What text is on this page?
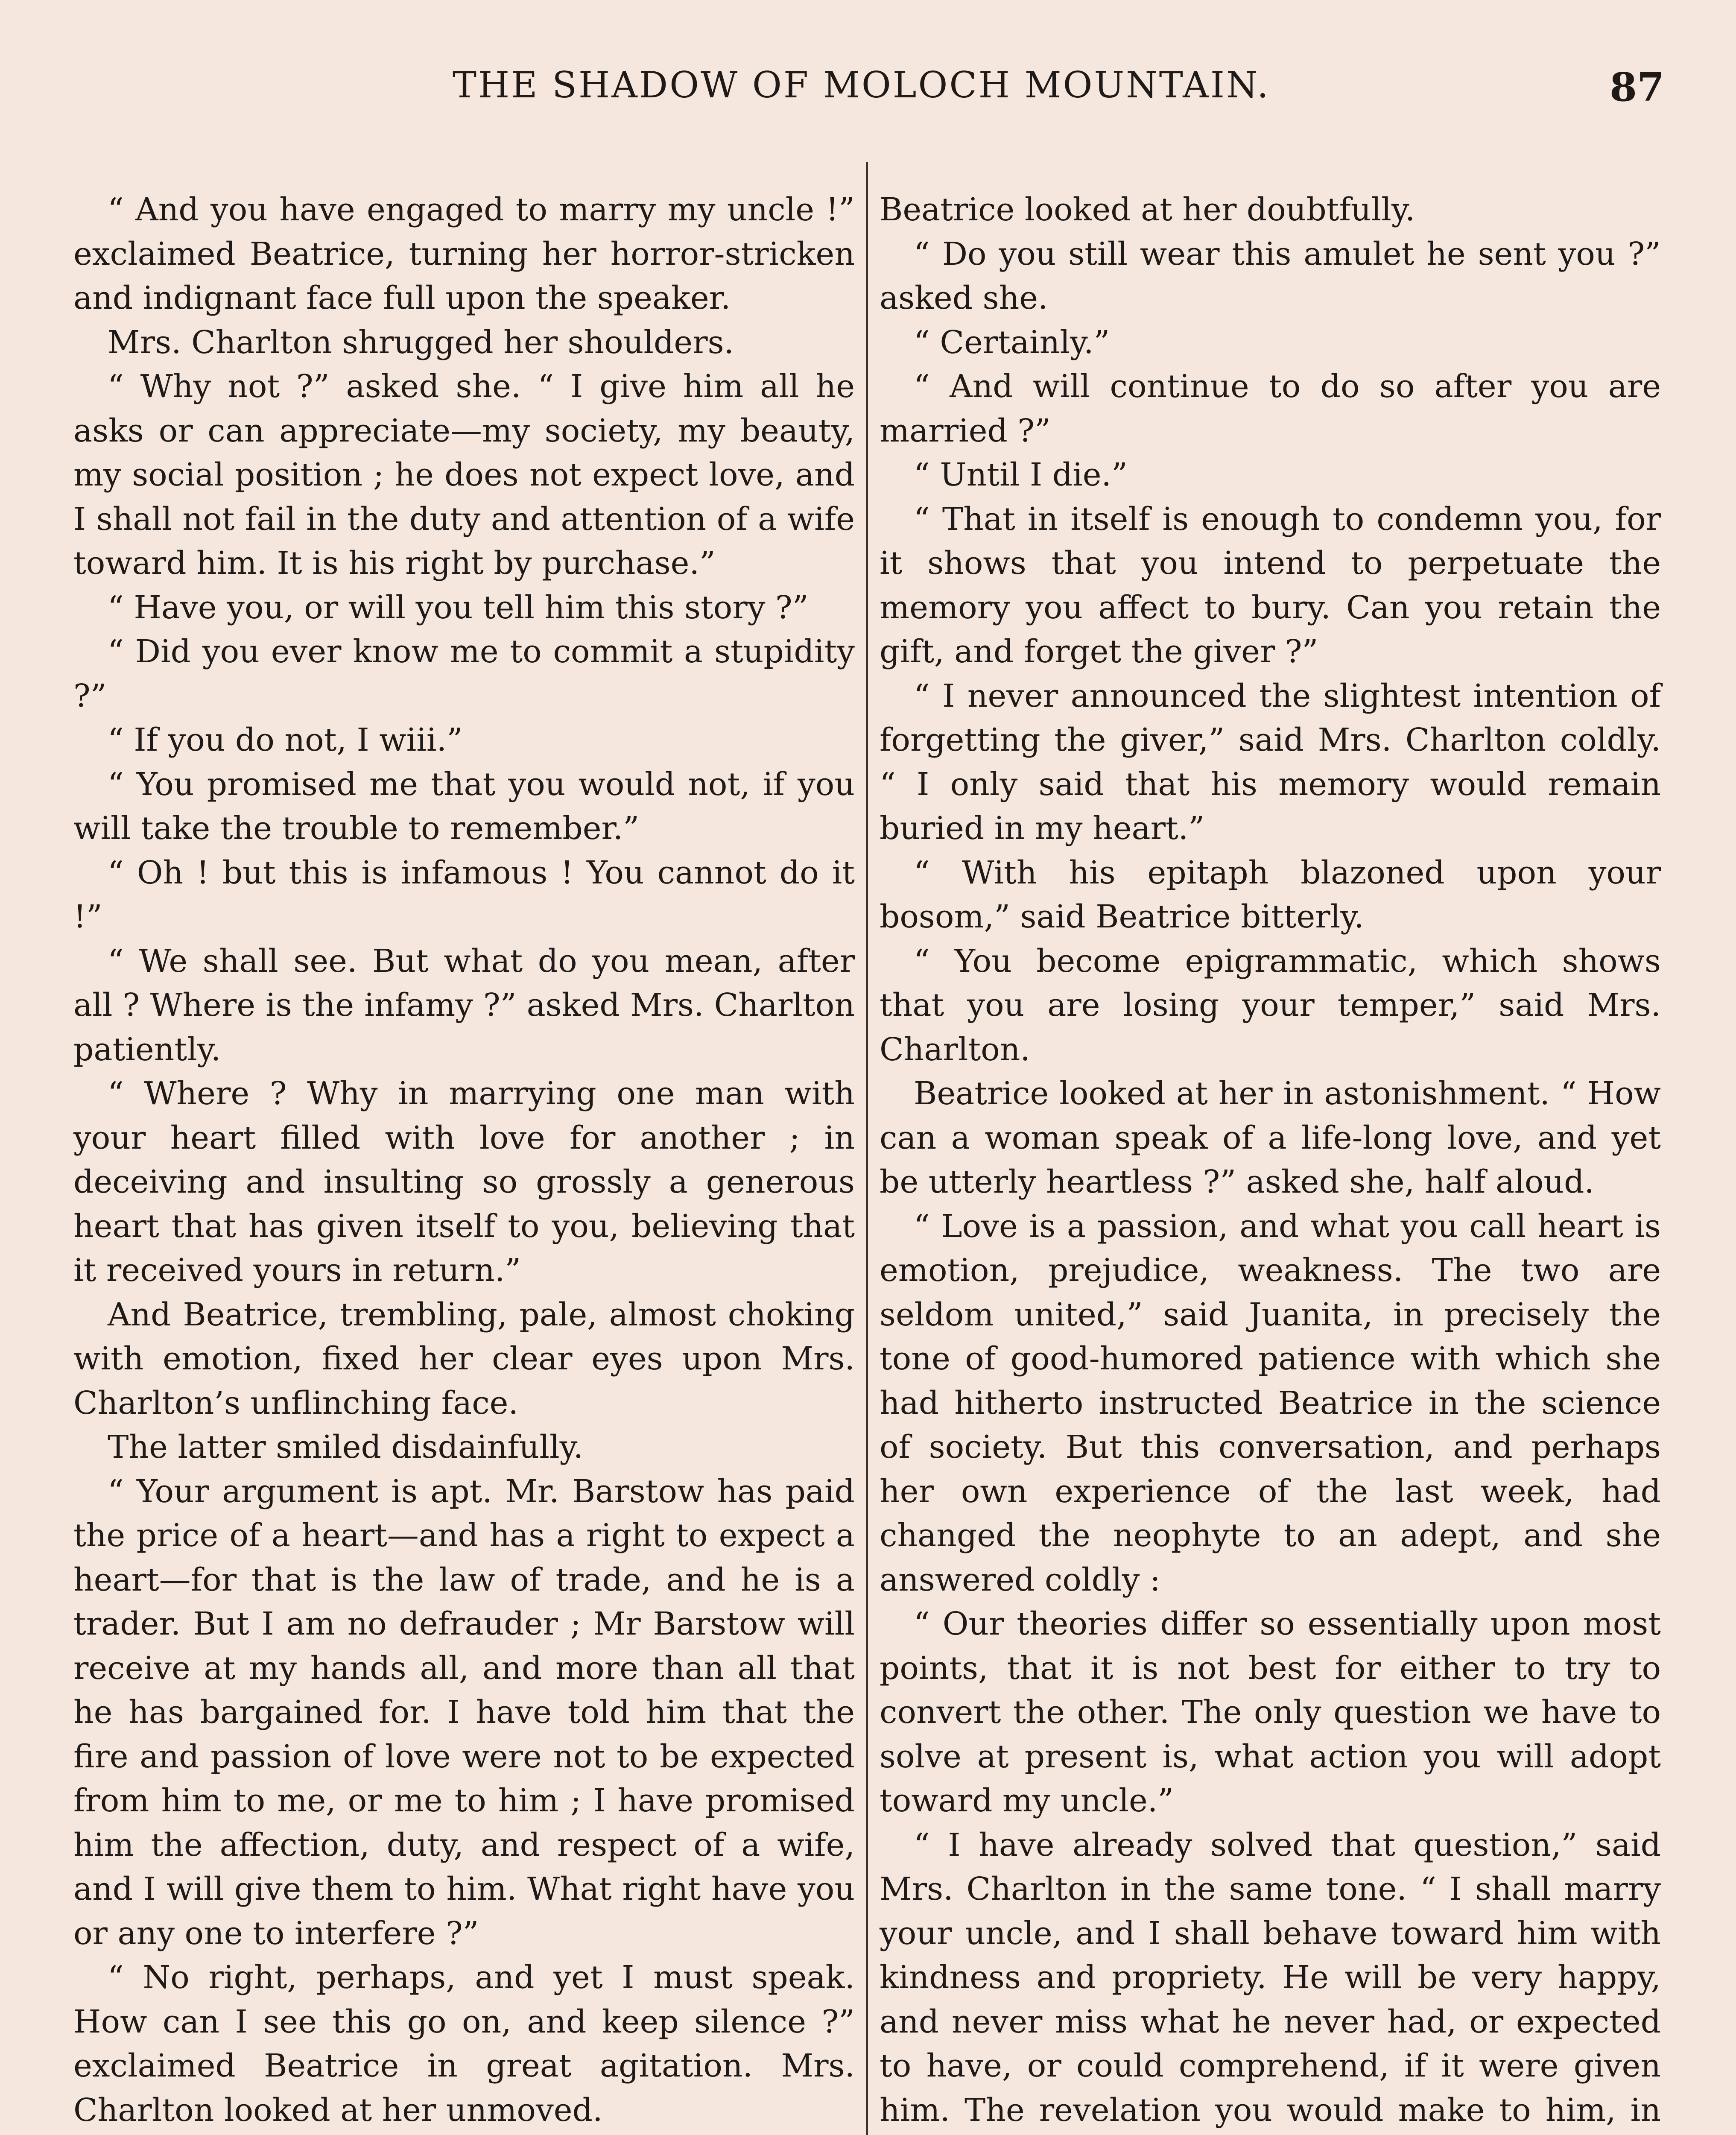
THE SHADOW OF MOLOCH MOUNTAIN.	87

“ And you have engaged to marry my uncle !” exclaimed Beatrice, turning her horror-stricken and indignant face full upon the speaker.

Mrs. Charlton shrugged her shoulders.

“ Why not ?” asked she. “ I give him all he asks or can appreciate—my society, my beauty, my social position ; he does not expect love, and I shall not fail in the duty and attention of a wife toward him. It is his right by purchase.”

“ Have you, or will you tell him this story ?”

“ Did you ever know me to commit a stupidity ?”

“ If you do not, I wiii.”

“ You promised me that you would not, if you will take the trouble to remember.”

“ Oh ! but this is infamous ! You cannot do it !”

“ We shall see. But what do you mean, after all ? Where is the infamy ?” asked Mrs. Charlton patiently.

“ Where ? Why in marrying one man with your heart filled with love for another ; in deceiving and insulting so grossly a generous heart that has given itself to you, believing that it received yours in return.”

And Beatrice, trembling, pale, almost choking with emotion, fixed her clear eyes upon Mrs. Charlton’s unflinching face.

The latter smiled disdainfully.

“ Your argument is apt. Mr. Barstow has paid the price of a heart—and has a right to expect a heart—for that is the law of trade, and he is a trader. But I am no defrauder ; Mr Barstow will receive at my hands all, and more than all that he has bargained for. I have told him that the fire and passion of love were not to be expected from him to me, or me to him ; I have promised him the affection, duty, and respect of a wife, and I will give them to him. What right have you or any one to interfere ?”

“ No right, perhaps, and yet I must speak. How can I see this go on, and keep silence ?” exclaimed Beatrice in great agitation. Mrs. Charlton looked at her unmoved.

Beatrice looked at her doubtfully.

“ Do you still wear this amulet he sent you ?” asked she.

“ Certainly.”

“ And will continue to do so after you are married ?”

“ Until I die.”

“ That in itself is enough to condemn you, for it shows that you intend to perpetuate the memory you affect to bury. Can you retain the gift, and forget the giver ?”

“ I never announced the slightest intention of forgetting the giver,” said Mrs. Charlton coldly. “ I only said that his memory would remain buried in my heart.”

“ With his epitaph blazoned upon your bosom,” said Beatrice bitterly.

“ You become epigrammatic, which shows that you are losing your temper,” said Mrs. Charlton.

Beatrice looked at her in astonishment. “ How can a woman speak of a life-long love, and yet be utterly heartless ?” asked she, half aloud.

“ Love is a passion, and what you call heart is emotion, prejudice, weakness. The two are seldom united,” said Juanita, in precisely the tone of good-humored patience with which she had hitherto instructed Beatrice in the science of society. But this conversation, and perhaps her own experience of the last week, had changed the neophyte to an adept, and she answered coldly :

“ Our theories differ so essentially upon most points, that it is not best for either to try to convert the other. The only question we have to solve at present is, what action you will adopt toward my uncle.”

“ I have already solved that question,” said Mrs. Charlton in the same tone. “ I shall marry your uncle, and I shall behave toward him with kindness and propriety. He will be very happy, and never miss what he never had, or expected to have, or could comprehend, if it were given him. The revelation you would make to him, in
